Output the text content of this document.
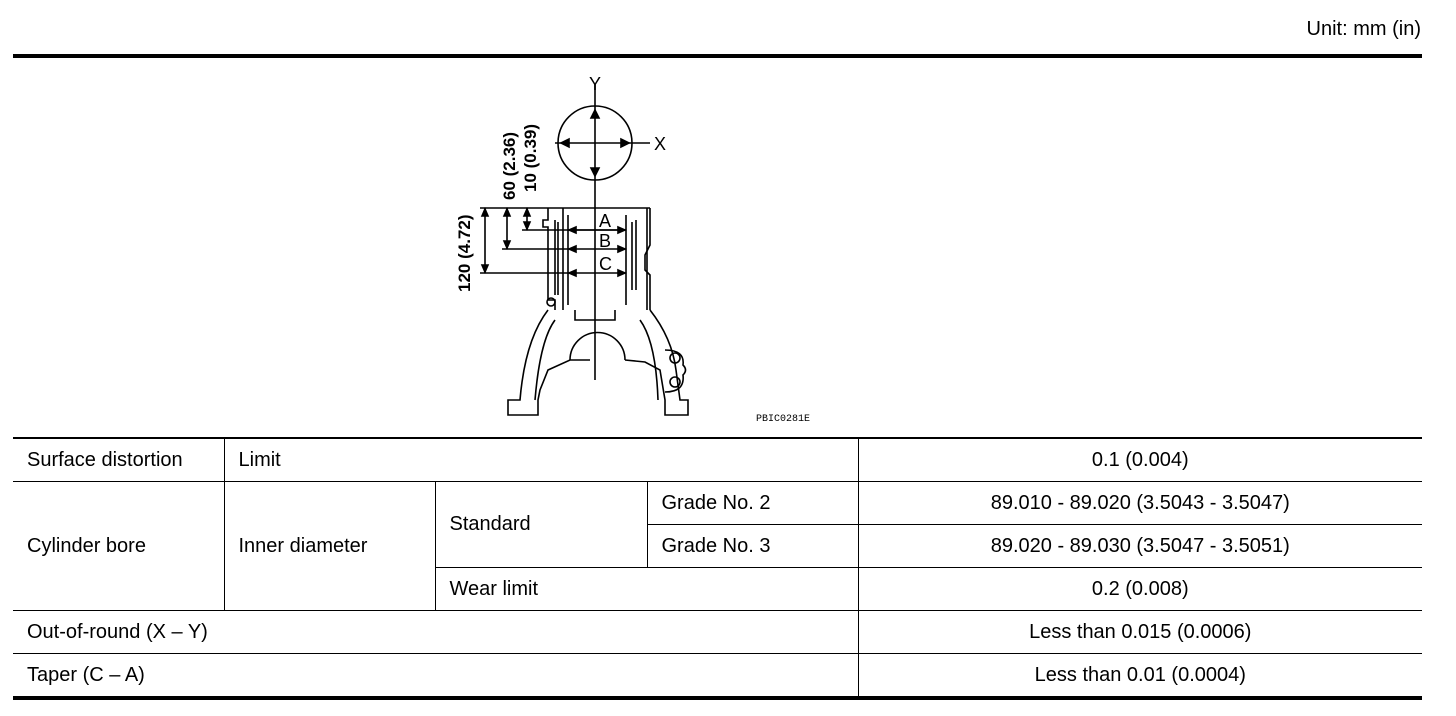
Unit: mm (in)
Y
X
A
B
C
60 (2.36) 10 (0.39)
120 (4.72)
PBIC0281E
Surface distortion	Limit			0.1 (0.004)
Cylinder bore	Inner diameter	Standard	Grade No. 2	89.010 - 89.020 (3.5043 - 3.5047)
			Grade No. 3	89.020 - 89.030 (3.5047 - 3.5051)
		Wear limit		0.2 (0.008)
Out-of-round (X – Y)				Less than 0.015 (0.0006)
Taper (C – A)				Less than 0.01 (0.0004)
